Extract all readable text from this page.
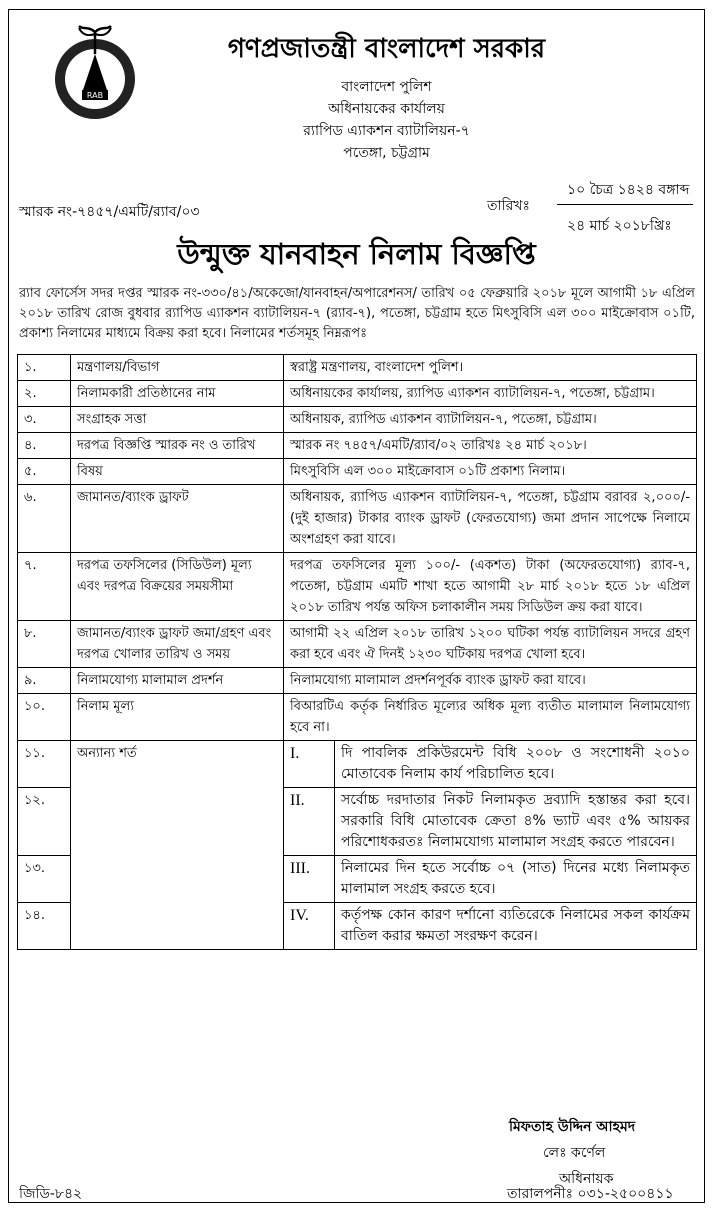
RAB
গণপ্রজাতন্ত্রী বাংলাদেশ সরকার
বাংলাদেশ পুলিশ
অধিনায়কের কার্যালয়
র‍্যাপিড এ্যাকশন ব্যাটালিয়ন-৭
পতেঙ্গা, চট্টগ্রাম
স্মারক নং-৭৪৫৭/এমটি/র‍্যাব/০৩	তারিখঃ
১০ চৈত্র ১৪২৪ বঙ্গাব্দ
২৪ মার্চ ২০১৮খ্রিঃ
উন্মুক্ত যানবাহন নিলাম বিজ্ঞপ্তি
র‍্যাব ফোর্সেস সদর দপ্তর স্মারক নং-৩৩০/৪১/অকেজো/যানবাহন/অপারেশনস/ তারিখ ০৫ ফেব্রুয়ারি ২০১৮ মূলে আগামী ১৮ এপ্রিল ২০১৮ তারিখ রোজ বুধবার র‍্যাপিড এ্যাকশন ব্যাটালিয়ন-৭ (র‍্যাব-৭), পতেঙ্গা, চট্টগ্রাম হতে মিৎসুবিসি এল ৩০০ মাইক্রোবাস ০১টি, প্রকাশ্য নিলামের মাধ্যমে বিক্রয় করা হবে। নিলামের শর্তসমূহ নিম্নরূপঃ
১.	মন্ত্রণালয়/বিভাগ	স্বরাষ্ট্র মন্ত্রণালয়, বাংলাদেশ পুলিশ।	
২.	নিলামকারী প্রতিষ্ঠানের নাম	অধিনায়কের কার্যালয়, র‍্যাপিড এ্যাকশন ব্যাটালিয়ন-৭, পতেঙ্গা, চট্টগ্রাম।	
৩.	সংগ্রাহক সত্তা	অধিনায়ক, র‍্যাপিড এ্যাকশন ব্যাটালিয়ন-৭, পতেঙ্গা, চট্টগ্রাম।	
৪.	দরপত্র বিজ্ঞপ্তি স্মারক নং ও তারিখ	স্মারক নং ৭৪৫৭/এমটি/র‍্যাব/০২ তারিখঃ ২৪ মার্চ ২০১৮।	
৫.	বিষয়	মিৎসুবিসি এল ৩০০ মাইক্রোবাস ০১টি প্রকাশ্য নিলাম।	
৬.	জামানত/ব্যাংক ড্রাফট	অধিনায়ক, র‍্যাপিড এ্যাকশন ব্যাটালিয়ন-৭, পতেঙ্গা, চট্টগ্রাম বরাবর ২,০০০/- (দুই হাজার) টাকার ব্যাংক ড্রাফট (ফেরতযোগ্য) জমা প্রদান সাপেক্ষে নিলামে অংশগ্রহণ করা যাবে।	
৭.	দরপত্র তফসিলের (সিডিউল) মূল্য এবং দরপত্র বিক্রয়ের সময়সীমা	দরপত্র তফসিলের মূল্য ১০০/- (একশত) টাকা (অফেরতযোগ্য) র‍্যাব-৭, পতেঙ্গা, চট্টগ্রাম এমটি শাখা হতে আগামী ২৮ মার্চ ২০১৮ হতে ১৮ এপ্রিল ২০১৮ তারিখ পর্যন্ত অফিস চলাকালীন সময় সিডিউল ক্রয় করা যাবে।	
৮.	জামানত/ব্যাংক ড্রাফট জমা/গ্রহণ এবং দরপত্র খোলার তারিখ ও সময়	আগামী ২২ এপ্রিল ২০১৮ তারিখ ১২০০ ঘটিকা পর্যন্ত ব্যাটালিয়ন সদরে গ্রহণ করা হবে এবং ঐ দিনই ১২৩০ ঘটিকায় দরপত্র খোলা হবে।	
৯.	নিলামযোগ্য মালামাল প্রদর্শন	নিলামযোগ্য মালামাল প্রদর্শনপূর্বক ব্যাংক ড্রাফট করা যাবে।	
১০.	নিলাম মূল্য	বিআরটিএ কর্তৃক নির্ধারিত মূল্যের অধিক মূল্য ব্যতীত মালামাল নিলামযোগ্য হবে না।	
১১.	অন্যান্য শর্ত	I.	দি পাবলিক প্রকিউরমেন্ট বিধি ২০০৮ ও সংশোধনী ২০১০ মোতাবেক নিলাম কার্য পরিচালিত হবে।
১২.		II.	সর্বোচ্চ দরদাতার নিকট নিলামকৃত দ্রব্যাদি হস্তান্তর করা হবে। সরকারি বিধি মোতাবেক ক্রেতা ৪% ভ্যাট এবং ৫% আয়কর পরিশোধকরতঃ নিলামযোগ্য মালামাল সংগ্রহ করতে পারবেন।
১৩.		III.	নিলামের দিন হতে সর্বোচ্চ ০৭ (সাত) দিনের মধ্যে নিলামকৃত মালামাল সংগ্রহ করতে হবে।
১৪.		IV.	কর্তৃপক্ষ কোন কারণ দর্শানো ব্যতিরেকে নিলামের সকল কার্যক্রম বাতিল করার ক্ষমতা সংরক্ষণ করেন।
মিফতাহ উদ্দিন আহমদ
লেঃ কর্ণেল
অধিনায়ক
জিডি-৮৪২	তারালপনীঃ ০৩১-২৫০০৪১১
